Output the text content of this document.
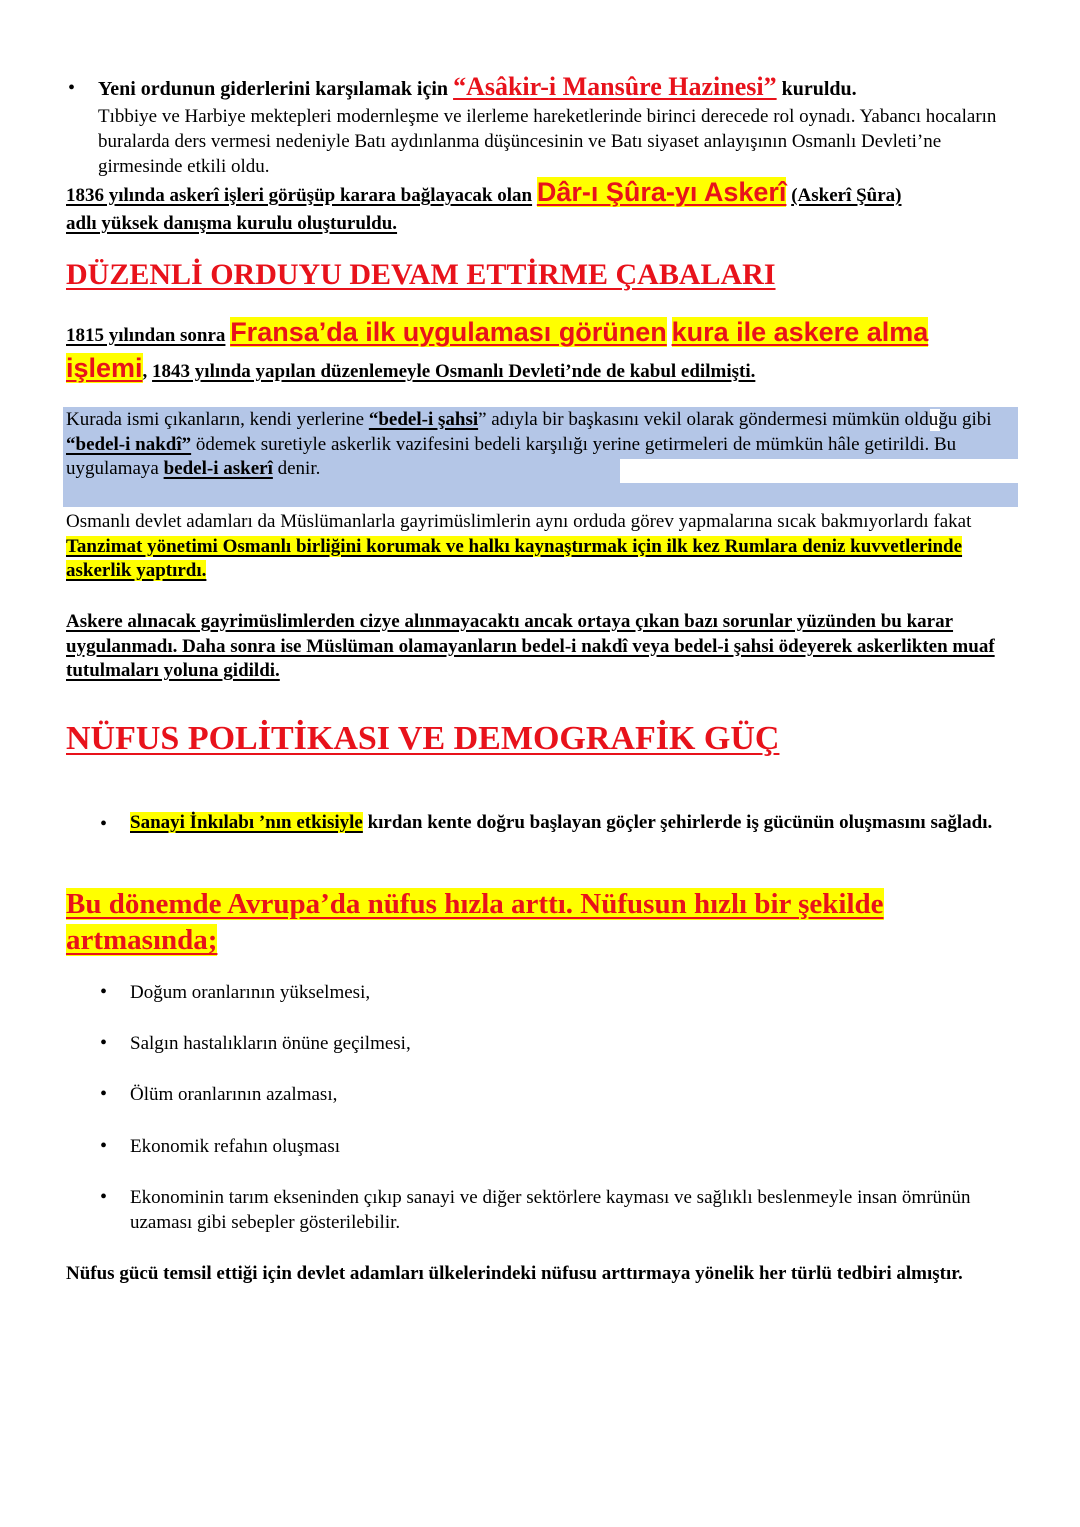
• Yeni ordunun giderlerini karşılamak için “Asâkir-i Mansûre Hazinesi” kuruldu.

Tıbbiye ve Harbiye mektepleri modernleşme ve ilerleme hareketlerinde birinci derecede rol oynadı. Yabancı hocaların buralarda ders vermesi nedeniyle Batı aydınlanma düşüncesinin ve Batı siyaset anlayışının Osmanlı Devleti’ne girmesinde etkili oldu.

1836 yılında askerî işleri görüşüp karara bağlayacak olan Dâr-ı Şûra-yı Askerî (Askerî Şûra)
adlı yüksek danışma kurulu oluşturuldu.

DÜZENLİ ORDUYU DEVAM ETTİRME ÇABALARI

1815 yılından sonra Fransa’da ilk uygulaması görünen kura ile askere alma
işlemi, 1843 yılında yapılan düzenlemeyle Osmanlı Devleti’nde de kabul edilmişti.

Kurada ismi çıkanların, kendi yerlerine “bedel-i şahsi” adıyla bir başkasını vekil olarak göndermesi mümkün olduğu gibi “bedel-i nakdî” ödemek suretiyle askerlik vazifesini bedeli karşılığı yerine getirmeleri de mümkün hâle getirildi. Bu uygulamaya bedel-i askerî denir.

Osmanlı devlet adamları da Müslümanlarla gayrimüslimlerin aynı orduda görev yapmalarına sıcak bakmıyorlardı fakat Tanzimat yönetimi Osmanlı birliğini korumak ve halkı kaynaştırmak için ilk kez Rumlara deniz kuvvetlerinde askerlik yaptırdı.

Askere alınacak gayrimüslimlerden cizye alınmayacaktı ancak ortaya çıkan bazı sorunlar yüzünden bu karar uygulanmadı. Daha sonra ise Müslüman olamayanların bedel-i nakdî veya bedel-i şahsi ödeyerek askerlikten muaf tutulmaları yoluna gidildi.

NÜFUS POLİTİKASI VE DEMOGRAFİK GÜÇ
• Sanayi İnkılabı ’nın etkisiyle kırdan kente doğru başlayan göçler şehirlerde iş gücünün oluşmasını sağladı.

Bu dönemde Avrupa’da nüfus hızla arttı. Nüfusun hızlı bir şekilde artmasında;

• Doğum oranlarının yükselmesi,

• Salgın hastalıkların önüne geçilmesi,

• Ölüm oranlarının azalması,

• Ekonomik refahın oluşması

• Ekonominin tarım ekseninden çıkıp sanayi ve diğer sektörlere kayması ve sağlıklı beslenmeyle insan ömrünün uzaması gibi sebepler gösterilebilir.

Nüfus gücü temsil ettiği için devlet adamları ülkelerindeki nüfusu arttırmaya yönelik her türlü tedbiri almıştır.
